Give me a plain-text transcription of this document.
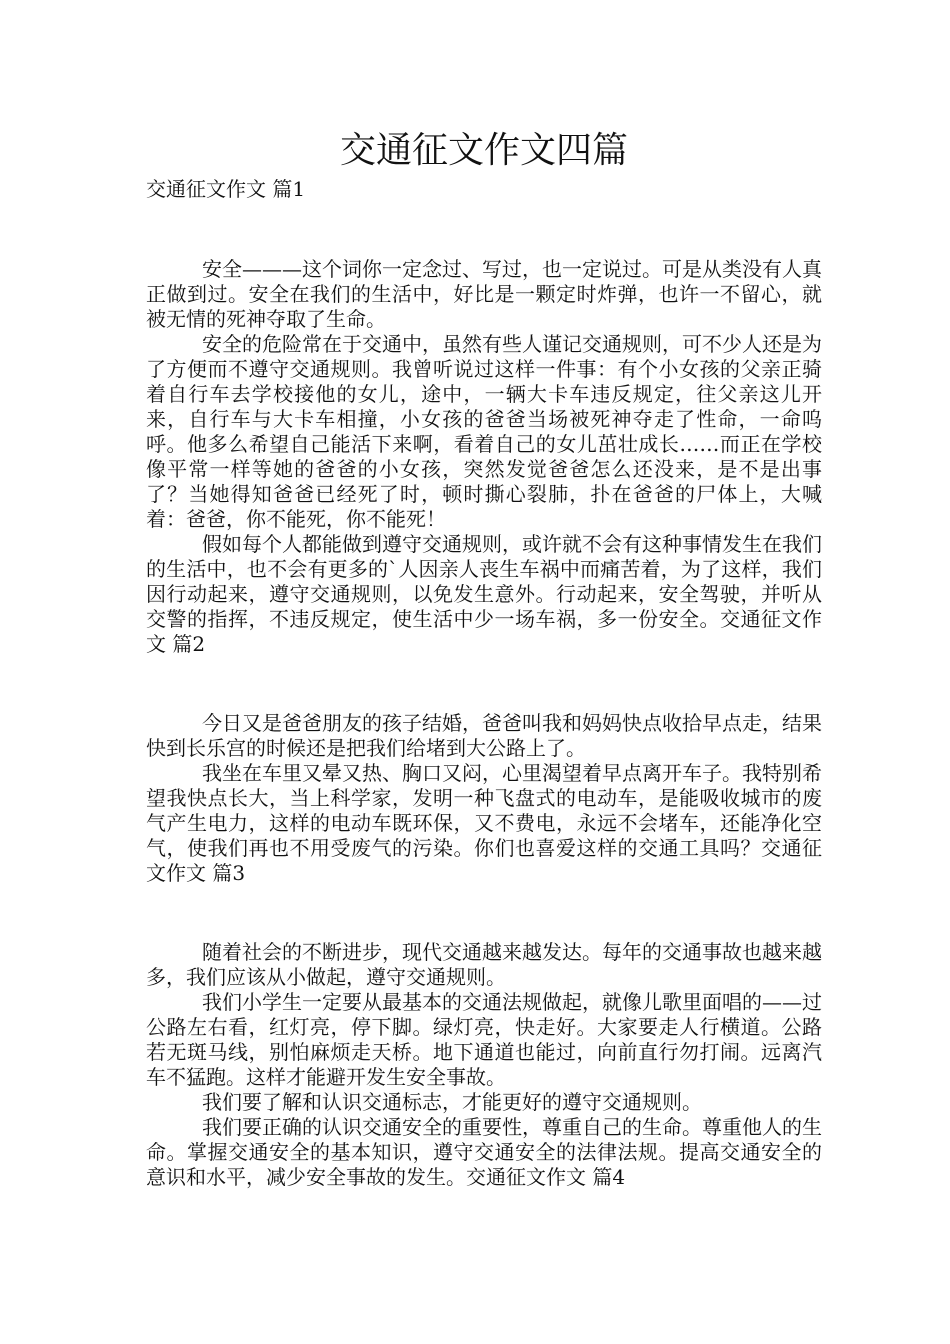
交通征文作文四篇
交通征文作文 篇1

安全———这个词你一定念过、写过，也一定说过。可是从类没有人真正做到过。安全在我们的生活中，好比是一颗定时炸弹，也许一不留心，就被无情的死神夺取了生命。

安全的危险常在于交通中，虽然有些人谨记交通规则，可不少人还是为了方便而不遵守交通规则。我曾听说过这样一件事：有个小女孩的父亲正骑着自行车去学校接他的女儿，途中，一辆大卡车违反规定，往父亲这儿开来，自行车与大卡车相撞，小女孩的爸爸当场被死神夺走了性命，一命呜呼。他多么希望自己能活下来啊，看着自己的女儿茁壮成长……而正在学校像平常一样等她的爸爸的小女孩，突然发觉爸爸怎么还没来，是不是出事了？当她得知爸爸已经死了时，顿时撕心裂肺，扑在爸爸的尸体上，大喊着：爸爸，你不能死，你不能死！

假如每个人都能做到遵守交通规则，或许就不会有这种事情发生在我们的生活中，也不会有更多的`人因亲人丧生车祸中而痛苦着，为了这样，我们因行动起来，遵守交通规则，以免发生意外。行动起来，安全驾驶，并听从交警的指挥，不违反规定，使生活中少一场车祸，多一份安全。交通征文作文 篇2

今日又是爸爸朋友的孩子结婚，爸爸叫我和妈妈快点收拾早点走，结果快到长乐宫的时候还是把我们给堵到大公路上了。

我坐在车里又晕又热、胸口又闷，心里渴望着早点离开车子。我特别希望我快点长大，当上科学家，发明一种飞盘式的电动车，是能吸收城市的废气产生电力，这样的电动车既环保，又不费电，永远不会堵车，还能净化空气，使我们再也不用受废气的污染。你们也喜爱这样的交通工具吗？交通征文作文 篇3

随着社会的不断进步，现代交通越来越发达。每年的交通事故也越来越多，我们应该从小做起，遵守交通规则。

我们小学生一定要从最基本的交通法规做起，就像儿歌里面唱的——过公路左右看，红灯亮，停下脚。绿灯亮，快走好。大家要走人行横道。公路若无斑马线，别怕麻烦走天桥。地下通道也能过，向前直行勿打闹。远离汽车不猛跑。这样才能避开发生安全事故。

我们要了解和认识交通标志，才能更好的遵守交通规则。

我们要正确的认识交通安全的重要性，尊重自己的生命。尊重他人的生命。掌握交通安全的基本知识，遵守交通安全的法律法规。提高交通安全的意识和水平，减少安全事故的发生。交通征文作文 篇4
